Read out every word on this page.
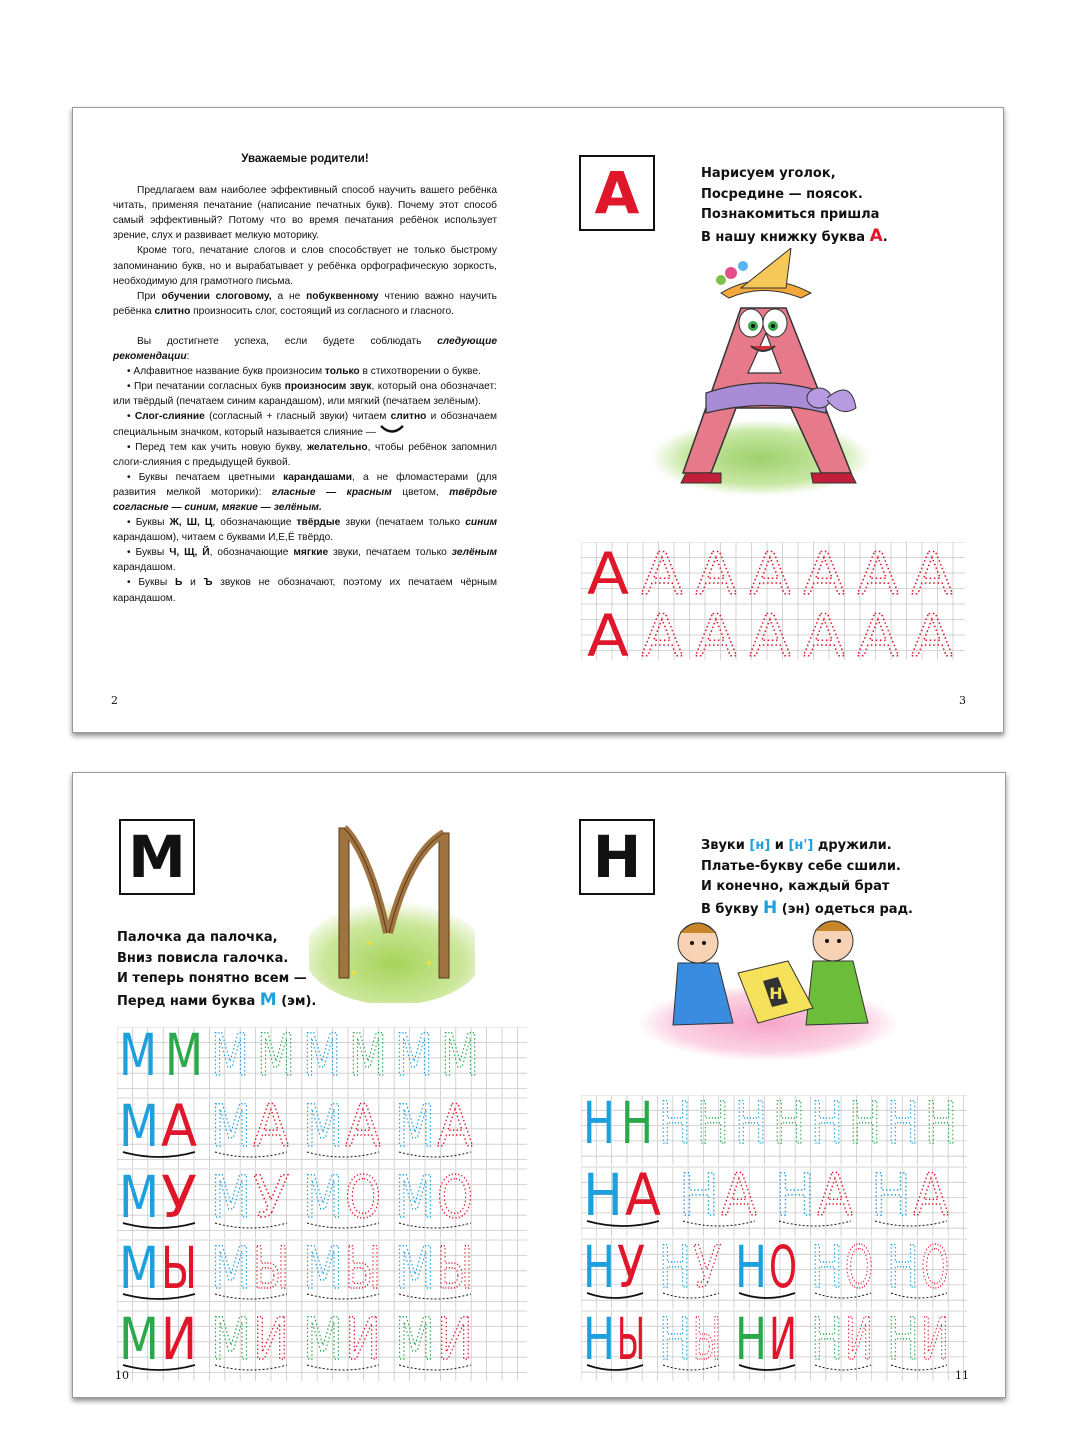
Уважаемые родители!

Предлагаем вам наиболее эффективный способ научить вашего ребёнка читать, применяя печатание (написание печатных букв). Почему этот способ самый эффективный? Потому что во время печатания ребёнок использует зрение, слух и развивает мелкую моторику.

Кроме того, печатание слогов и слов способствует не только быстрому запоминанию букв, но и вырабатывает у ребёнка орфографическую зоркость, необходимую для грамотного письма.

При обучении слоговому, а не побуквенному чтению важно научить ребёнка слитно произносить слог, состоящий из согласного и гласного.

Вы достигнете успеха, если будете соблюдать следующие рекомендации:

• Алфавитное название букв произносим только в стихотворении о букве.

• При печатании согласных букв произносим звук, который она обозначает: или твёрдый (печатаем синим карандашом), или мягкий (печатаем зелёным).

• Слог-слияние (согласный + гласный звуки) читаем слитно и обозначаем специальным значком, который называется слияние —

• Перед тем как учить новую букву, желательно, чтобы ребёнок запомнил слоги-слияния с предыдущей буквой.

• Буквы печатаем цветными карандашами, а не фломастерами (для развития мелкой моторики): гласные — красным цветом, твёрдые согласные — синим, мягкие — зелёным.

• Буквы Ж, Ш, Ц, обозначающие твёрдые звуки (печатаем только синим карандашом), читаем с буквами И,Е,Ё твёрдо.

• Буквы Ч, Щ, Й, обозначающие мягкие звуки, печатаем только зелёным карандашом.

• Буквы Ь и Ъ звуков не обозначают, поэтому их печатаем чёрным карандашом.

2	3
А	Нарисуем уголок,
Посредине — поясок.
Познакомиться пришла
В нашу книжку буква А.
А А А А А А А
А А А А А А А
М
Палочка да палочка,
Вниз повисла галочка.
И теперь понятно всем —
Перед нами буква М (эм).
Н	Звуки [н] и [н'] дружили.
Платье-букву себе сшили.
И конечно, каждый брат
В букву Н (эн) одеться рад.
Н
М М М М М М М М
М А М А М А М А
М У М У М О М О
М Ы М Ы М Ы М Ы
М И М И М И М И
Н Н Н Н Н Н Н Н Н Н
Н А Н А Н А Н А
Н У Н У Н О Н О Н О
Н Ы Н Ы Н И Н И Н И
10	11
